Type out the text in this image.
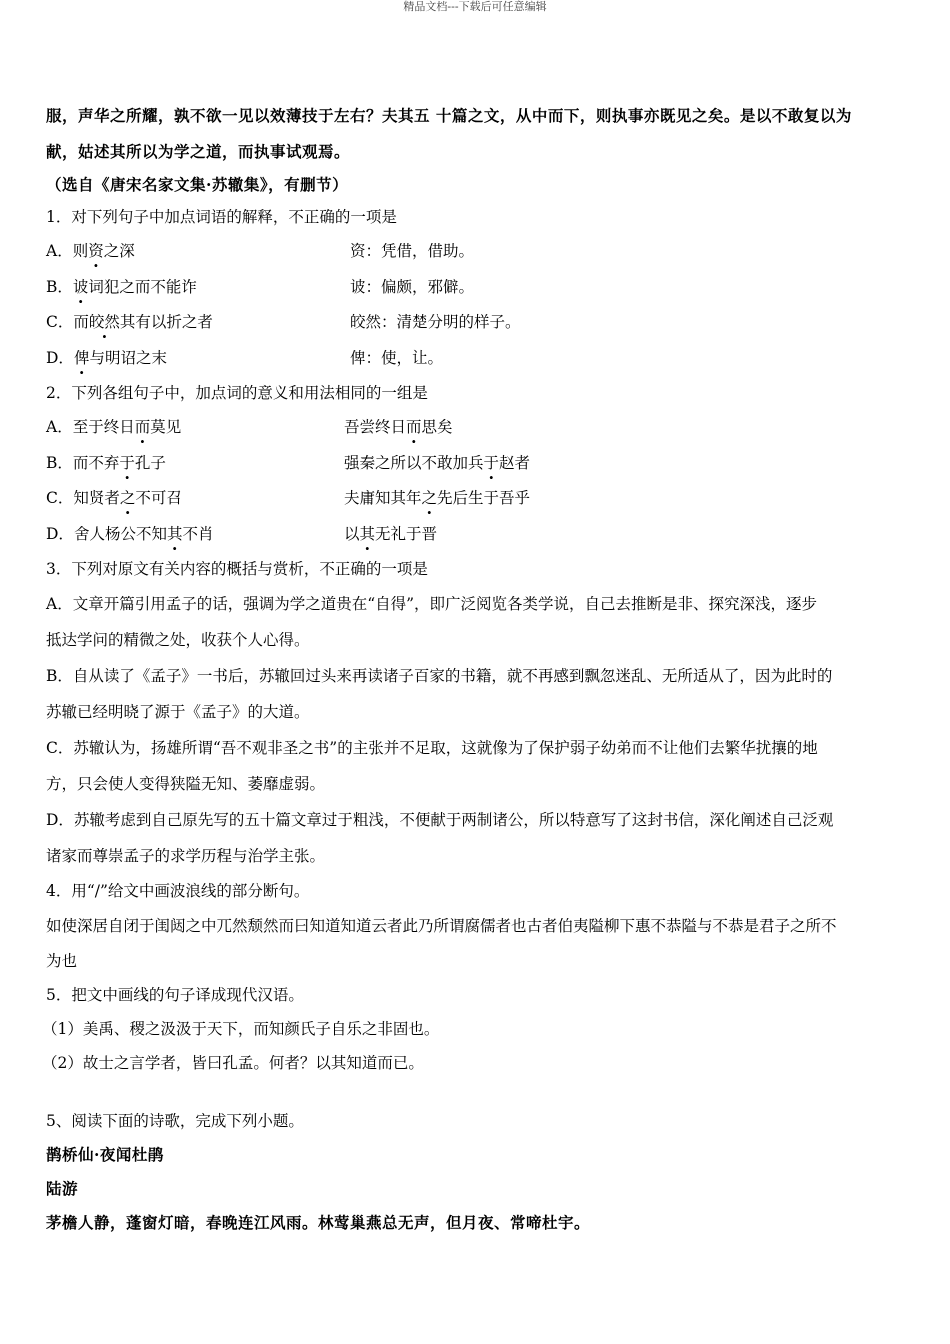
精品文档---下载后可任意编辑
服，声华之所耀，孰不欲一见以效薄技于左右？夫其五 十篇之文，从中而下，则执事亦既见之矣。是以不敢复以为
献，姑述其所以为学之道，而执事试观焉。
（选自《唐宋名家文集·苏辙集》，有删节）
1．对下列句子中加点词语的解释，不正确的一项是
A．则资之深	资：凭借，借助。
B．诐词犯之而不能诈	诐：偏颇，邪僻。
C．而皎然其有以折之者	皎然：清楚分明的样子。
D．俾与明诏之末	俾：使，让。
2．下列各组句子中，加点词的意义和用法相同的一组是
A．至于终日而莫见	吾尝终日而思矣
B．而不弃于孔子	强秦之所以不敢加兵于赵者
C．知贤者之不可召	夫庸知其年之先后生于吾乎
D．舍人杨公不知其不肖	以其无礼于晋
3．下列对原文有关内容的概括与赏析，不正确的一项是
A．文章开篇引用孟子的话，强调为学之道贵在“自得”，即广泛阅览各类学说，自己去推断是非、探究深浅，逐步
抵达学问的精微之处，收获个人心得。
B．自从读了《孟子》一书后，苏辙回过头来再读诸子百家的书籍，就不再感到飘忽迷乱、无所适从了，因为此时的
苏辙已经明晓了源于《孟子》的大道。
C．苏辙认为，扬雄所谓“吾不观非圣之书”的主张并不足取，这就像为了保护弱子幼弟而不让他们去繁华扰攘的地
方，只会使人变得狭隘无知、萎靡虚弱。
D．苏辙考虑到自己原先写的五十篇文章过于粗浅，不便献于两制诸公，所以特意写了这封书信，深化阐述自己泛观
诸家而尊崇孟子的求学历程与治学主张。
4．用“/”给文中画波浪线的部分断句。
如使深居自闭于闺闼之中兀然颓然而曰知道知道云者此乃所谓腐儒者也古者伯夷隘柳下惠不恭隘与不恭是君子之所不
为也
5．把文中画线的句子译成现代汉语。
（1）美禹、稷之汲汲于天下，而知颜氏子自乐之非固也。
（2）故士之言学者，皆曰孔孟。何者？以其知道而已。
5、阅读下面的诗歌，完成下列小题。
鹊桥仙·夜闻杜鹃
陆游
茅檐人静，蓬窗灯暗，春晚连江风雨。林莺巢燕总无声，但月夜、常啼杜宇。
